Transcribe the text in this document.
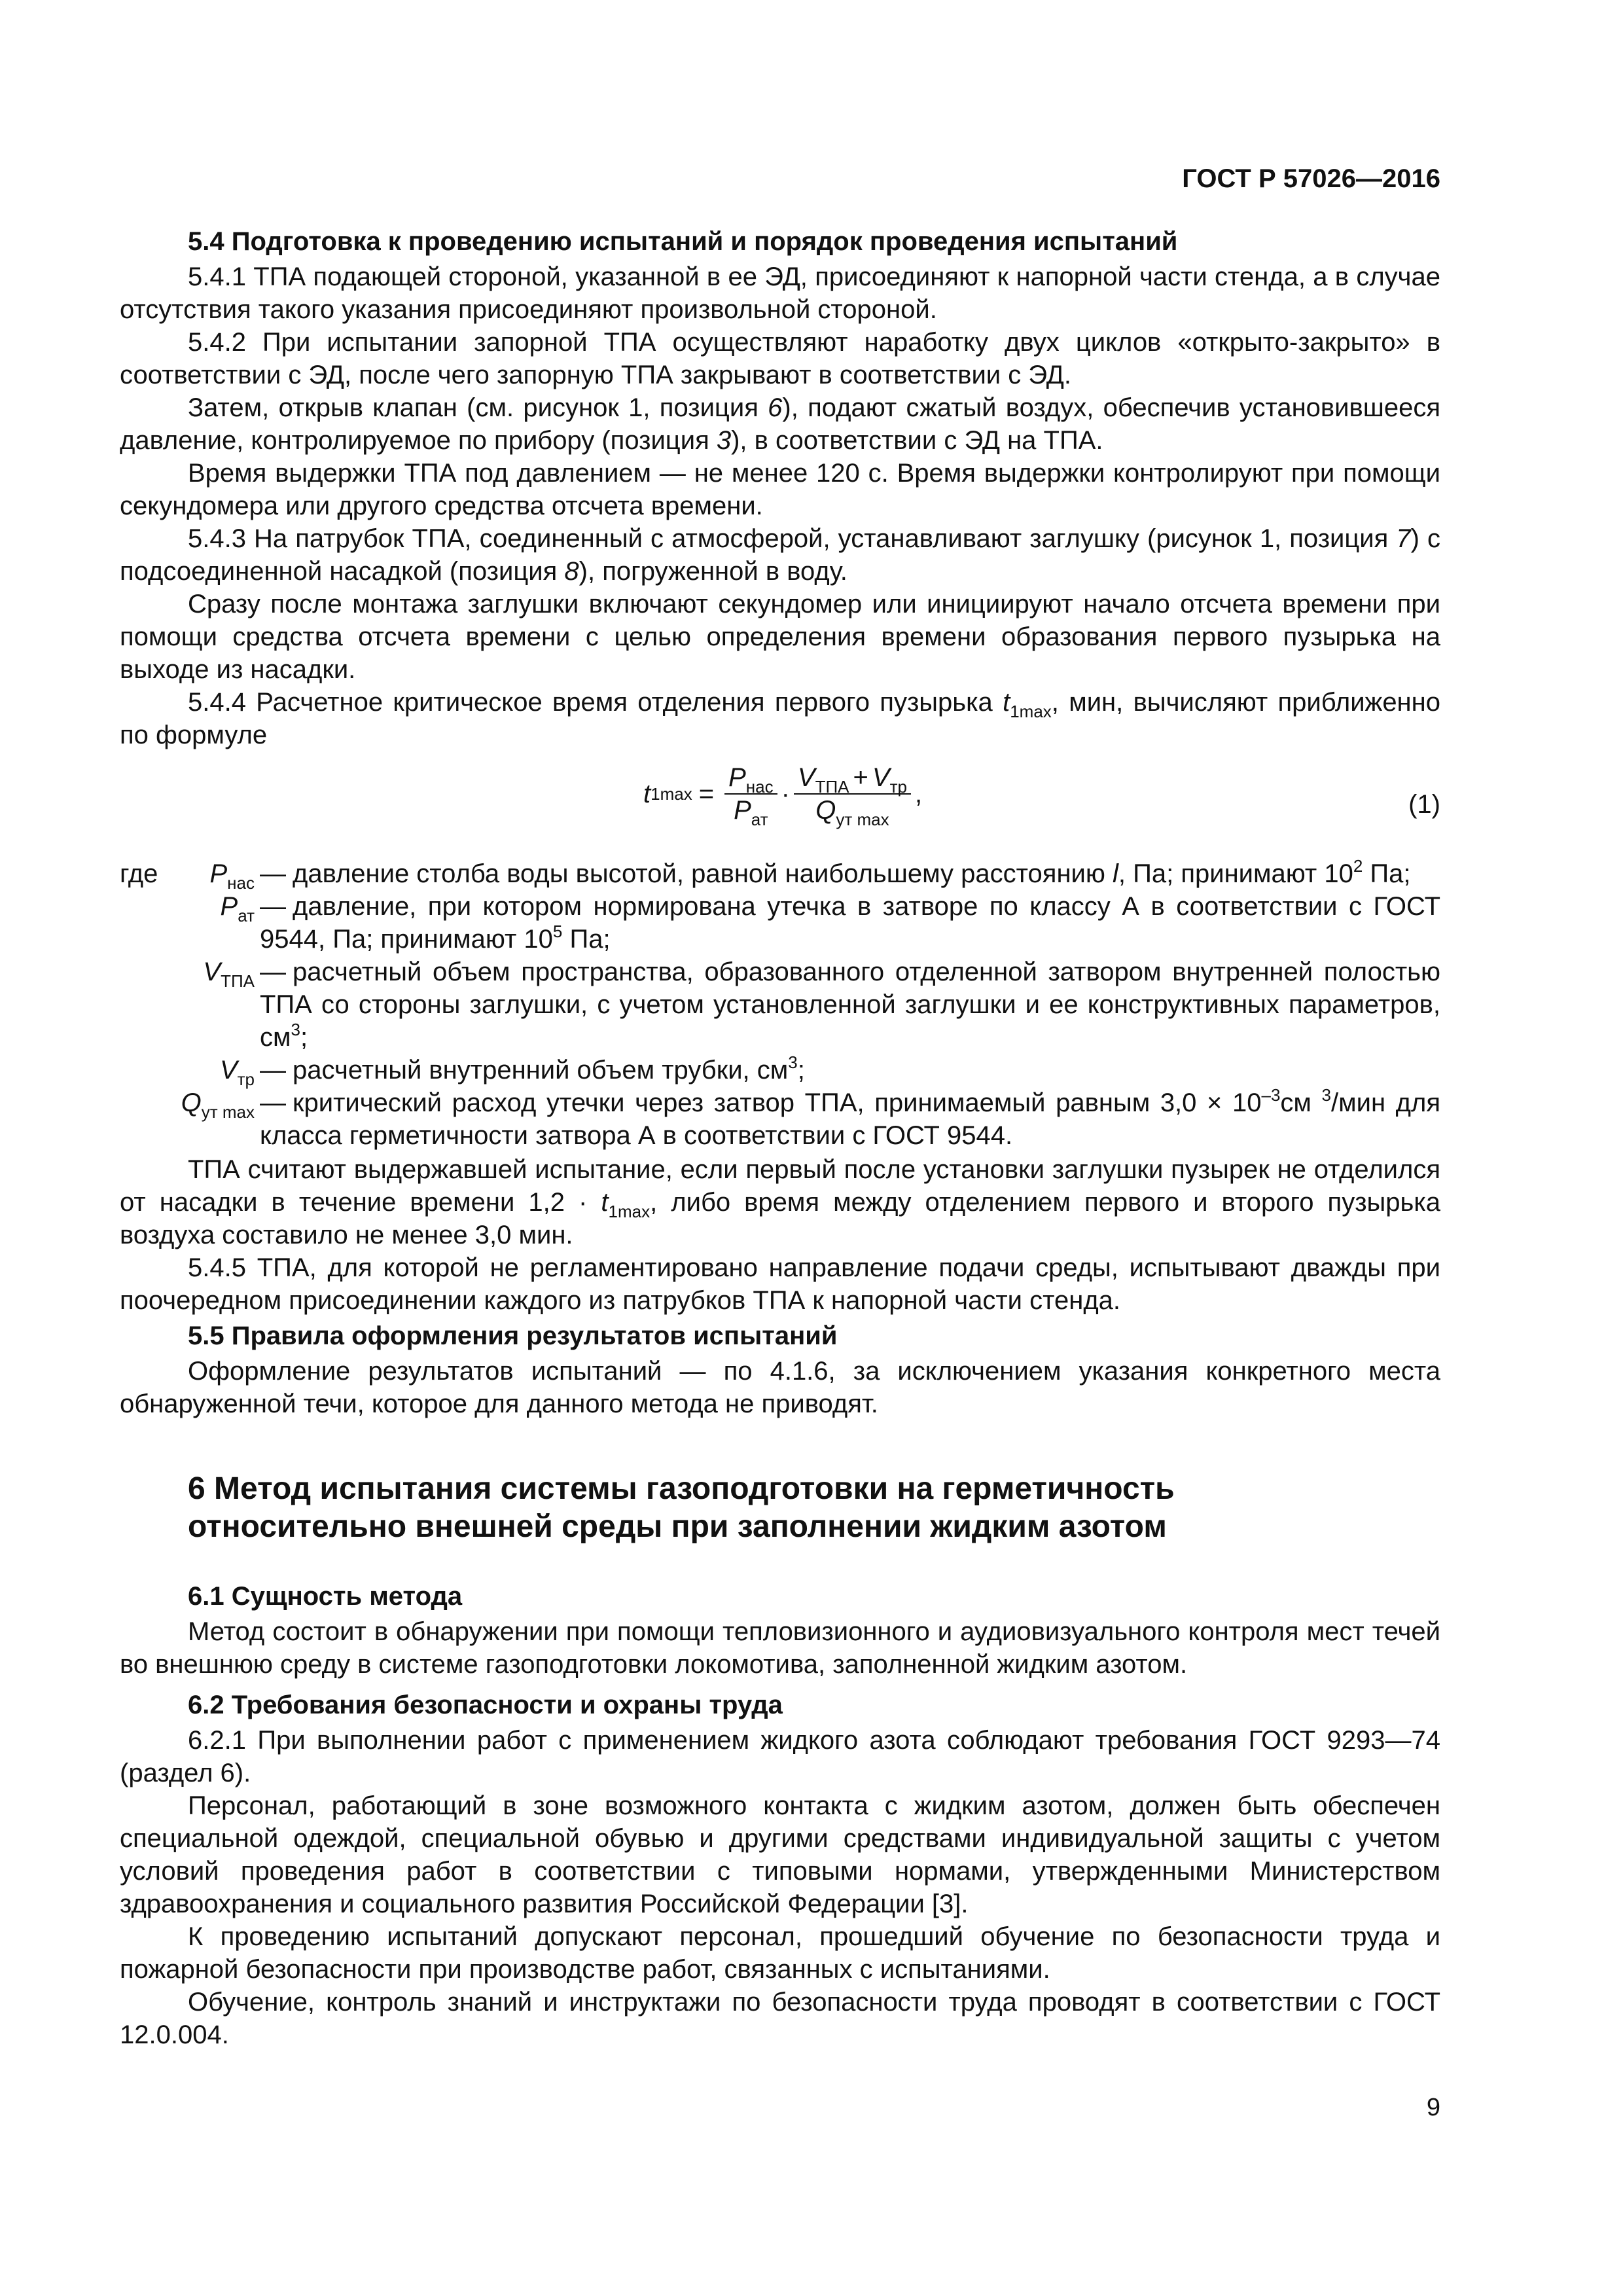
ГОСТ Р 57026—2016

5.4 Подготовка к проведению испытаний и порядок проведения испытаний

5.4.1 ТПА подающей стороной, указанной в ее ЭД, присоединяют к напорной части стенда, а в случае отсутствия такого указания присоединяют произвольной стороной.

5.4.2 При испытании запорной ТПА осуществляют наработку двух циклов «открыто-закрыто» в соответствии с ЭД, после чего запорную ТПА закрывают в соответствии с ЭД.

Затем, открыв клапан (см. рисунок 1, позиция 6), подают сжатый воздух, обеспечив установившееся давление, контролируемое по прибору (позиция 3), в соответствии с ЭД на ТПА.

Время выдержки ТПА под давлением — не менее 120 с. Время выдержки контролируют при помощи секундомера или другого средства отсчета времени.

5.4.3 На патрубок ТПА, соединенный с атмосферой, устанавливают заглушку (рисунок 1, позиция 7) с подсоединенной насадкой (позиция 8), погруженной в воду.

Сразу после монтажа заглушки включают секундомер или инициируют начало отсчета времени при помощи средства отсчета времени с целью определения времени образования первого пузырька на выходе из насадки.

5.4.4 Расчетное критическое время отделения первого пузырька $t_{1max}$, мин, вычисляют приближенно по формуле

t $1\max = \frac{P_{нас}}{P_{ат}} \cdot \frac{V_{ТПА} + V_{тр}}{Q_{ут max}}$ ,	(1)
где $P_{нас}$ — давление столба воды высотой, равной наибольшему расстоянию l, Па; принимают $10^2$ Па;
$P_{ат}$ — давление, при котором нормирована утечка в затворе по классу А в соответствии с ГОСТ 9544, Па; принимают $10^5$ Па;
$V_{ТПА}$ — расчетный объем пространства, образованного отделенной затвором внутренней полостью ТПА со стороны заглушки, с учетом установленной заглушки и ее конструктивных параметров, $см^3$;
$V_{тр}$ — расчетный внутренний объем трубки, $см^3$;
$Q_{ут max}$ — критический расход утечки через затвор ТПА, принимаемый равным $3,0 \times 10^{-3}см$ $^3$/мин для класса герметичности затвора А в соответствии с ГОСТ 9544.

ТПА считают выдержавшей испытание, если первый после установки заглушки пузырек не отделился от насадки в течение времени $1,2 \cdot t_{1max}$, либо время между отделением первого и второго пузырька воздуха составило не менее 3,0 мин.

5.4.5 ТПА, для которой не регламентировано направление подачи среды, испытывают дважды при поочередном присоединении каждого из патрубков ТПА к напорной части стенда.

5.5 Правила оформления результатов испытаний

Оформление результатов испытаний — по 4.1.6, за исключением указания конкретного места обнаруженной течи, которое для данного метода не приводят.

6 Метод испытания системы газоподготовки на герметичность
относительно внешней среды при заполнении жидким азотом

6.1 Сущность метода

Метод состоит в обнаружении при помощи тепловизионного и аудиовизуального контроля мест течей во внешнюю среду в системе газоподготовки локомотива, заполненной жидким азотом.

6.2 Требования безопасности и охраны труда

6.2.1 При выполнении работ с применением жидкого азота соблюдают требования ГОСТ 9293—74 (раздел 6).

Персонал, работающий в зоне возможного контакта с жидким азотом, должен быть обеспечен специальной одеждой, специальной обувью и другими средствами индивидуальной защиты с учетом условий проведения работ в соответствии с типовыми нормами, утвержденными Министерством здравоохранения и социального развития Российской Федерации [3].

К проведению испытаний допускают персонал, прошедший обучение по безопасности труда и пожарной безопасности при производстве работ, связанных с испытаниями.

Обучение, контроль знаний и инструктажи по безопасности труда проводят в соответствии с ГОСТ 12.0.004.

9
